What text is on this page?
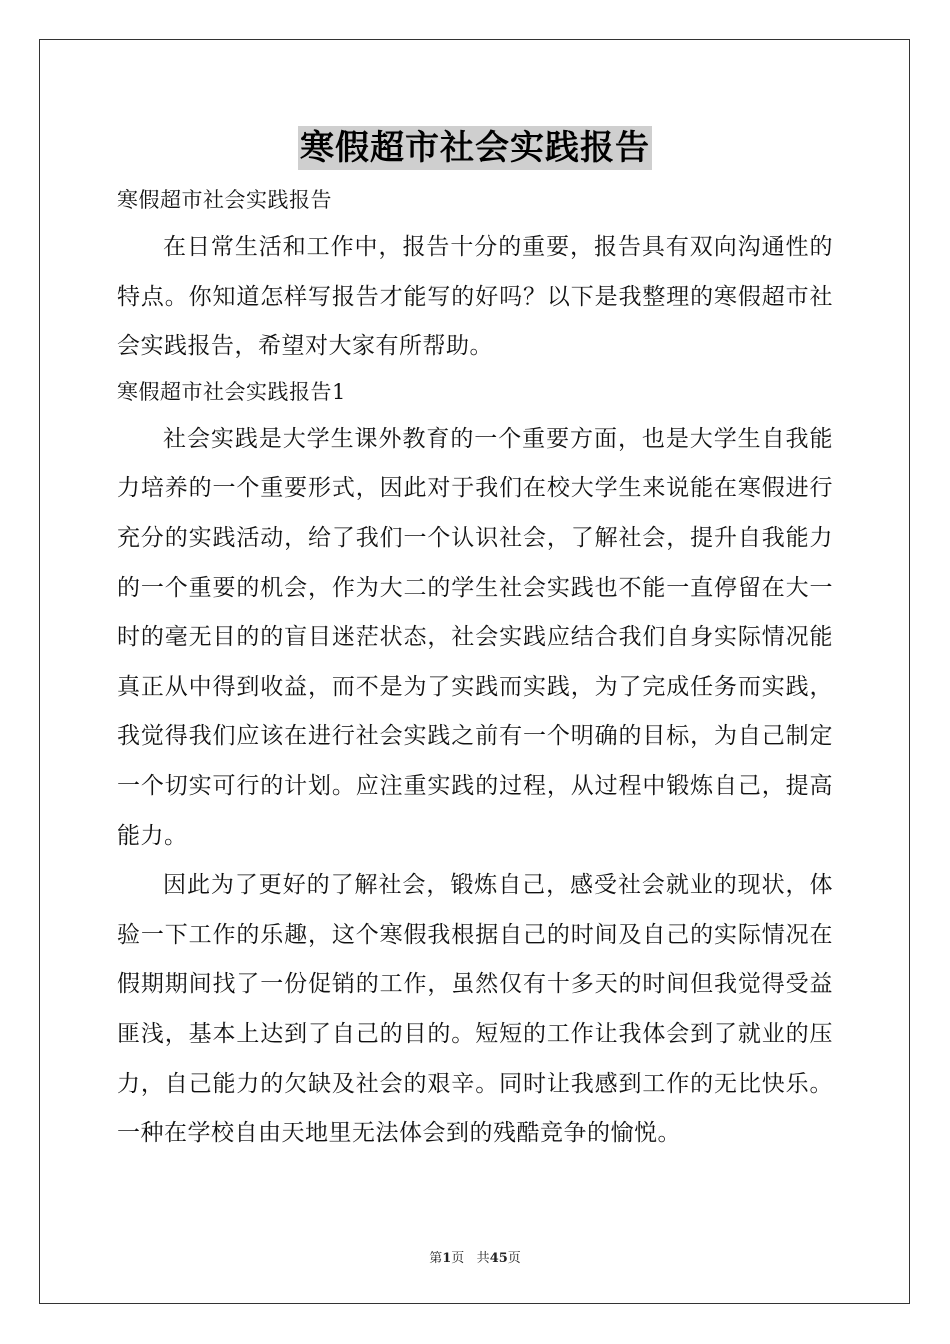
寒假超市社会实践报告

寒假超市社会实践报告

在日常生活和工作中，报告十分的重要，报告具有双向沟通性的特点。你知道怎样写报告才能写的好吗？以下是我整理的寒假超市社会实践报告，希望对大家有所帮助。

寒假超市社会实践报告1

社会实践是大学生课外教育的一个重要方面，也是大学生自我能力培养的一个重要形式，因此对于我们在校大学生来说能在寒假进行充分的实践活动，给了我们一个认识社会，了解社会，提升自我能力的一个重要的机会，作为大二的学生社会实践也不能一直停留在大一时的毫无目的的盲目迷茫状态，社会实践应结合我们自身实际情况能真正从中得到收益，而不是为了实践而实践，为了完成任务而实践，我觉得我们应该在进行社会实践之前有一个明确的目标，为自己制定一个切实可行的计划。应注重实践的过程，从过程中锻炼自己，提高能力。

因此为了更好的了解社会，锻炼自己，感受社会就业的现状，体验一下工作的乐趣，这个寒假我根据自己的时间及自己的实际情况在假期期间找了一份促销的工作，虽然仅有十多天的时间但我觉得受益匪浅，基本上达到了自己的目的。短短的工作让我体会到了就业的压力，自己能力的欠缺及社会的艰辛。同时让我感到工作的无比快乐。一种在学校自由天地里无法体会到的残酷竞争的愉悦。

第1页 共45页
